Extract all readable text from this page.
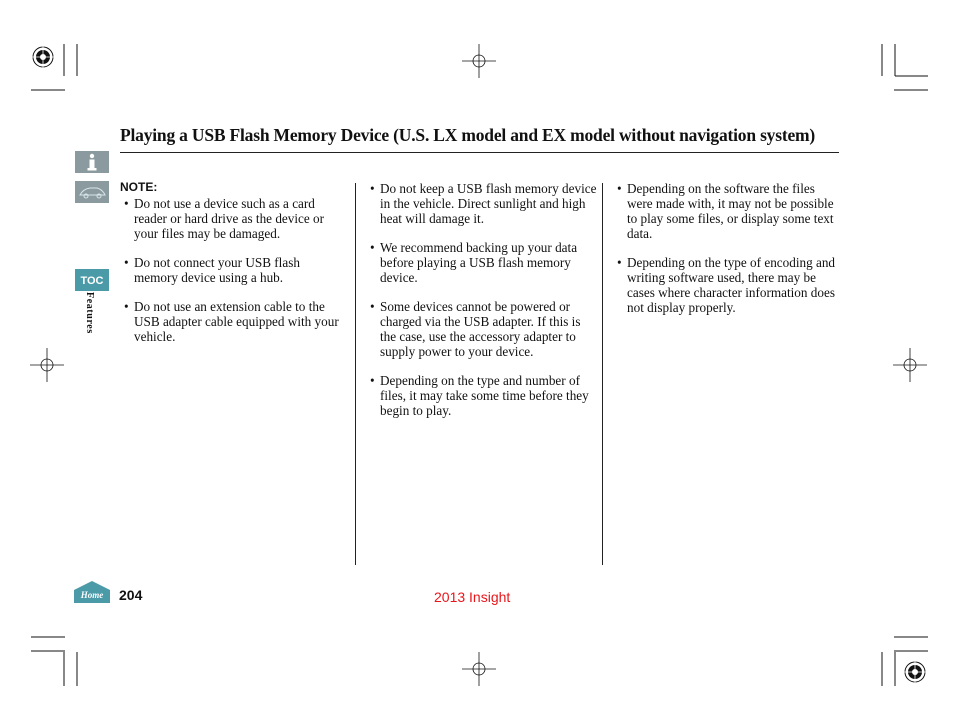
TOC
Features
Home
Playing a USB Flash Memory Device (U.S. LX model and EX model without navigation system)
NOTE:
• Do not use a device such as a card reader or hard drive as the device or your files may be damaged.
• Do not connect your USB flash memory device using a hub.
• Do not use an extension cable to the USB adapter cable equipped with your vehicle.
• Do not keep a USB flash memory device in the vehicle. Direct sunlight and high heat will damage it.
• We recommend backing up your data before playing a USB flash memory device.
• Some devices cannot be powered or charged via the USB adapter. If this is the case, use the accessory adapter to supply power to your device.
• Depending on the type and number of files, it may take some time before they begin to play.
• Depending on the software the files were made with, it may not be possible to play some files, or display some text data.
• Depending on the type of encoding and writing software used, there may be cases where character information does not display properly.
204	2013 Insight
